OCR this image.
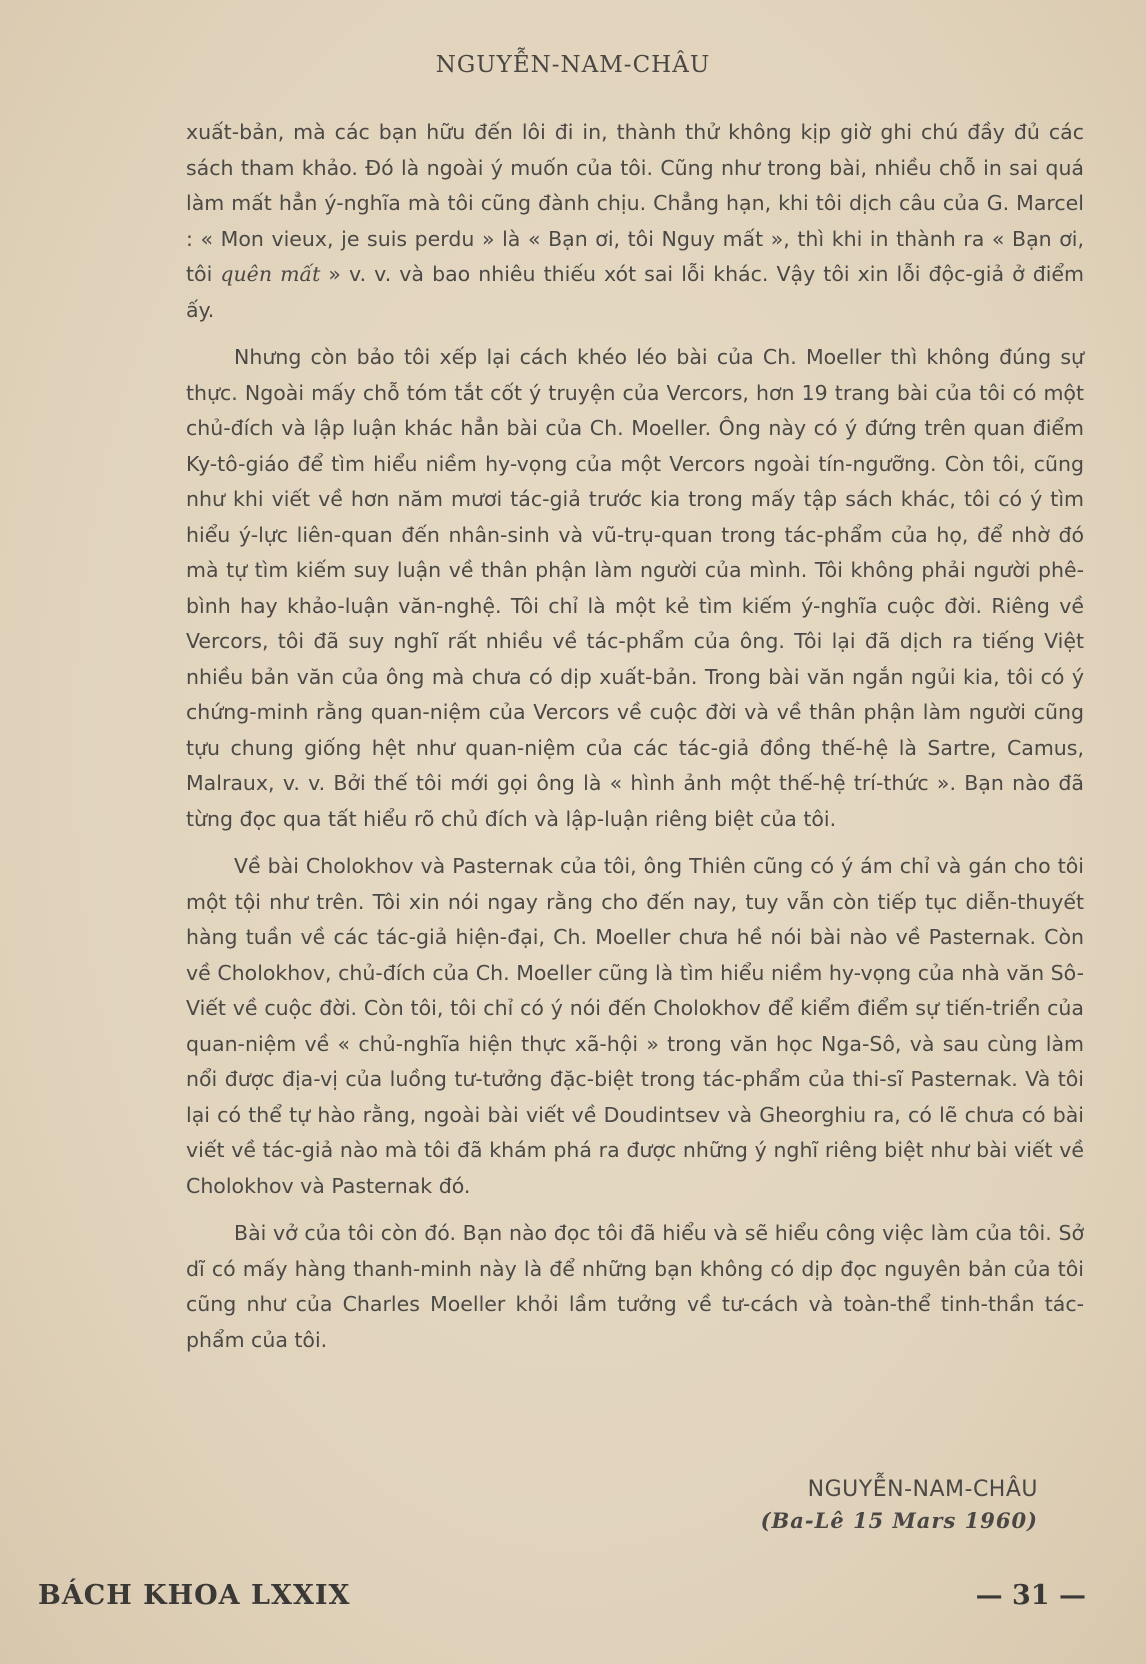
NGUYỄN-NAM-CHÂU

xuất-bản, mà các bạn hữu đến lôi đi in, thành thử không kịp giờ ghi chú đầy đủ các sách tham khảo. Đó là ngoài ý muốn của tôi. Cũng như trong bài, nhiều chỗ in sai quá làm mất hẳn ý-nghĩa mà tôi cũng đành chịu. Chẳng hạn, khi tôi dịch câu của G. Marcel : « Mon vieux, je suis perdu » là « Bạn ơi, tôi Nguy mất », thì khi in thành ra « Bạn ơi, tôi quên mất » v. v. và bao nhiêu thiếu xót sai lỗi khác. Vậy tôi xin lỗi độc-giả ở điểm ấy.

Nhưng còn bảo tôi xếp lại cách khéo léo bài của Ch. Moeller thì không đúng sự thực. Ngoài mấy chỗ tóm tắt cốt ý truyện của Vercors, hơn 19 trang bài của tôi có một chủ-đích và lập luận khác hẳn bài của Ch. Moeller. Ông này có ý đứng trên quan điểm Ky-tô-giáo để tìm hiểu niềm hy-vọng của một Vercors ngoài tín-ngưỡng. Còn tôi, cũng như khi viết về hơn năm mươi tác-giả trước kia trong mấy tập sách khác, tôi có ý tìm hiểu ý-lực liên-quan đến nhân-sinh và vũ-trụ-quan trong tác-phẩm của họ, để nhờ đó mà tự tìm kiếm suy luận về thân phận làm người của mình. Tôi không phải người phê-bình hay khảo-luận văn-nghệ. Tôi chỉ là một kẻ tìm kiếm ý-nghĩa cuộc đời. Riêng về Vercors, tôi đã suy nghĩ rất nhiều về tác-phẩm của ông. Tôi lại đã dịch ra tiếng Việt nhiều bản văn của ông mà chưa có dịp xuất-bản. Trong bài văn ngắn ngủi kia, tôi có ý chứng-minh rằng quan-niệm của Vercors về cuộc đời và về thân phận làm người cũng tựu chung giống hệt như quan-niệm của các tác-giả đồng thế-hệ là Sartre, Camus, Malraux, v. v. Bởi thế tôi mới gọi ông là « hình ảnh một thế-hệ trí-thức ». Bạn nào đã từng đọc qua tất hiểu rõ chủ đích và lập-luận riêng biệt của tôi.

Về bài Cholokhov và Pasternak của tôi, ông Thiên cũng có ý ám chỉ và gán cho tôi một tội như trên. Tôi xin nói ngay rằng cho đến nay, tuy vẫn còn tiếp tục diễn-thuyết hàng tuần về các tác-giả hiện-đại, Ch. Moeller chưa hề nói bài nào về Pasternak. Còn về Cholokhov, chủ-đích của Ch. Moeller cũng là tìm hiểu niềm hy-vọng của nhà văn Sô-Viết về cuộc đời. Còn tôi, tôi chỉ có ý nói đến Cholokhov để kiểm điểm sự tiến-triển của quan-niệm về « chủ-nghĩa hiện thực xã-hội » trong văn học Nga-Sô, và sau cùng làm nổi được địa-vị của luồng tư-tưởng đặc-biệt trong tác-phẩm của thi-sĩ Pasternak. Và tôi lại có thể tự hào rằng, ngoài bài viết về Doudintsev và Gheorghiu ra, có lẽ chưa có bài viết về tác-giả nào mà tôi đã khám phá ra được những ý nghĩ riêng biệt như bài viết về Cholokhov và Pasternak đó.

Bài vở của tôi còn đó. Bạn nào đọc tôi đã hiểu và sẽ hiểu công việc làm của tôi. Sở dĩ có mấy hàng thanh-minh này là để những bạn không có dịp đọc nguyên bản của tôi cũng như của Charles Moeller khỏi lầm tưởng về tư-cách và toàn-thể tinh-thần tác-phẩm của tôi.

NGUYỄN-NAM-CHÂU
(Ba-Lê 15 Mars 1960)
BÁCH KHOA LXXIX	— 31 —
